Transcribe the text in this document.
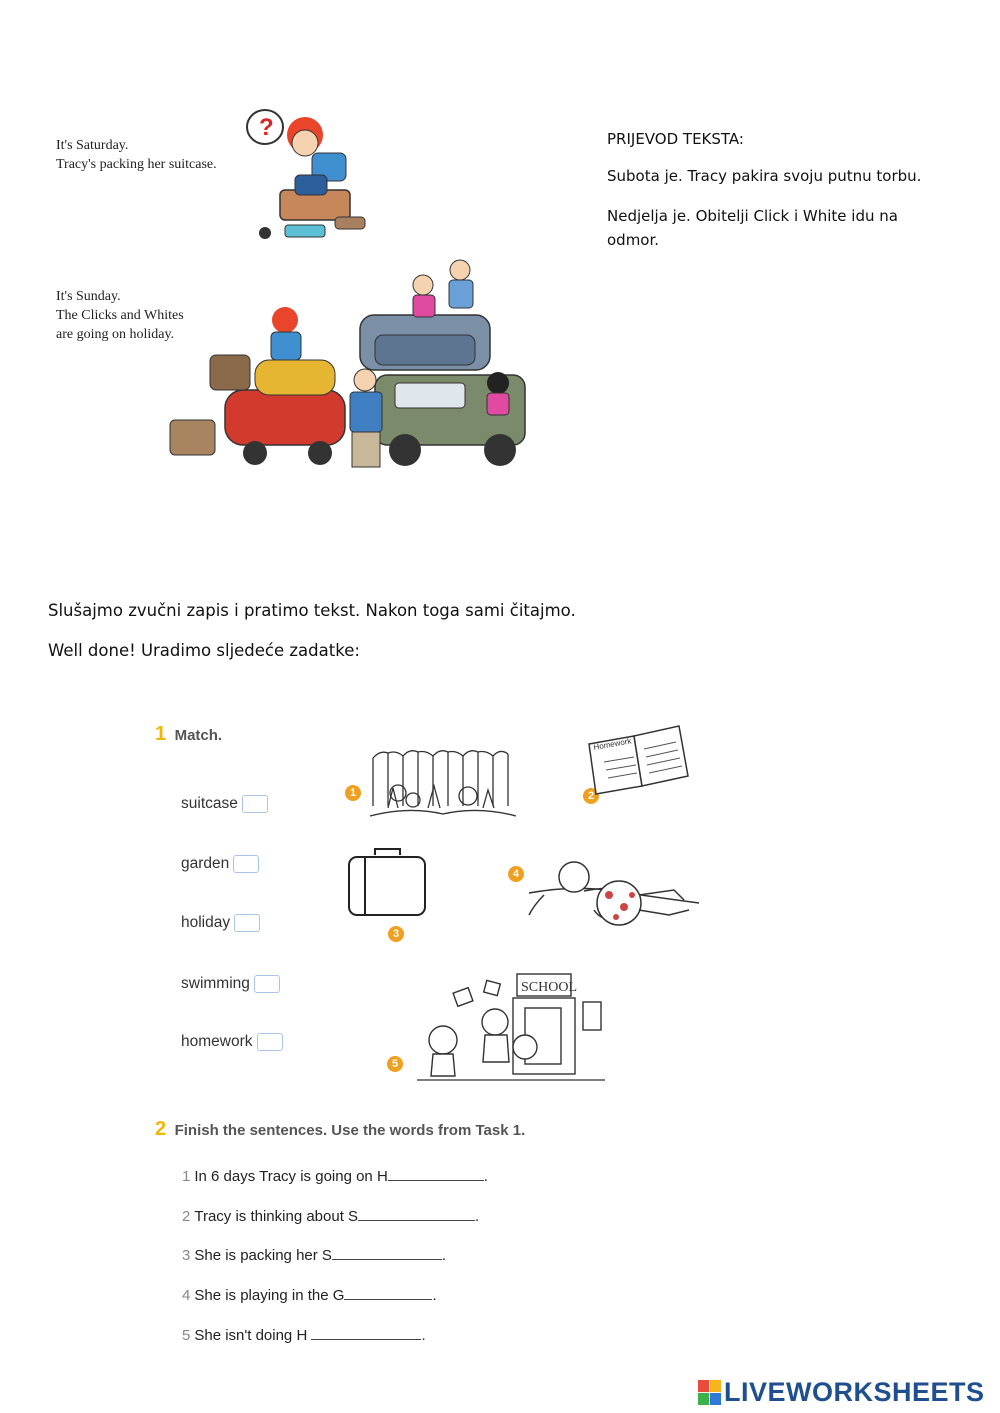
It's Saturday.
Tracy's packing her suitcase.
It's Sunday.
The Clicks and Whites
are going on holiday.
?	PRIJEVOD TEKSTA:
Subota je. Tracy pakira svoju putnu torbu.
Nedjelja je. Obitelji Click i White idu na
odmor.
Slušajmo zvučni zapis i pratimo tekst. Nakon toga sami čitajmo.
Well done! Uradimo sljedeće zadatke:
1 Match.
suitcase
garden
holiday
swimming
homework
1	2
Homework
3
4
5
SCHOOL
2 Finish the sentences. Use the words from Task 1.
1 In 6 days Tracy is going on H	.
2 Tracy is thinking about S	.
3 She is packing her S	.
4 She is playing in the G	.
5 She isn't doing H	.
LIVEWORKSHEETS
